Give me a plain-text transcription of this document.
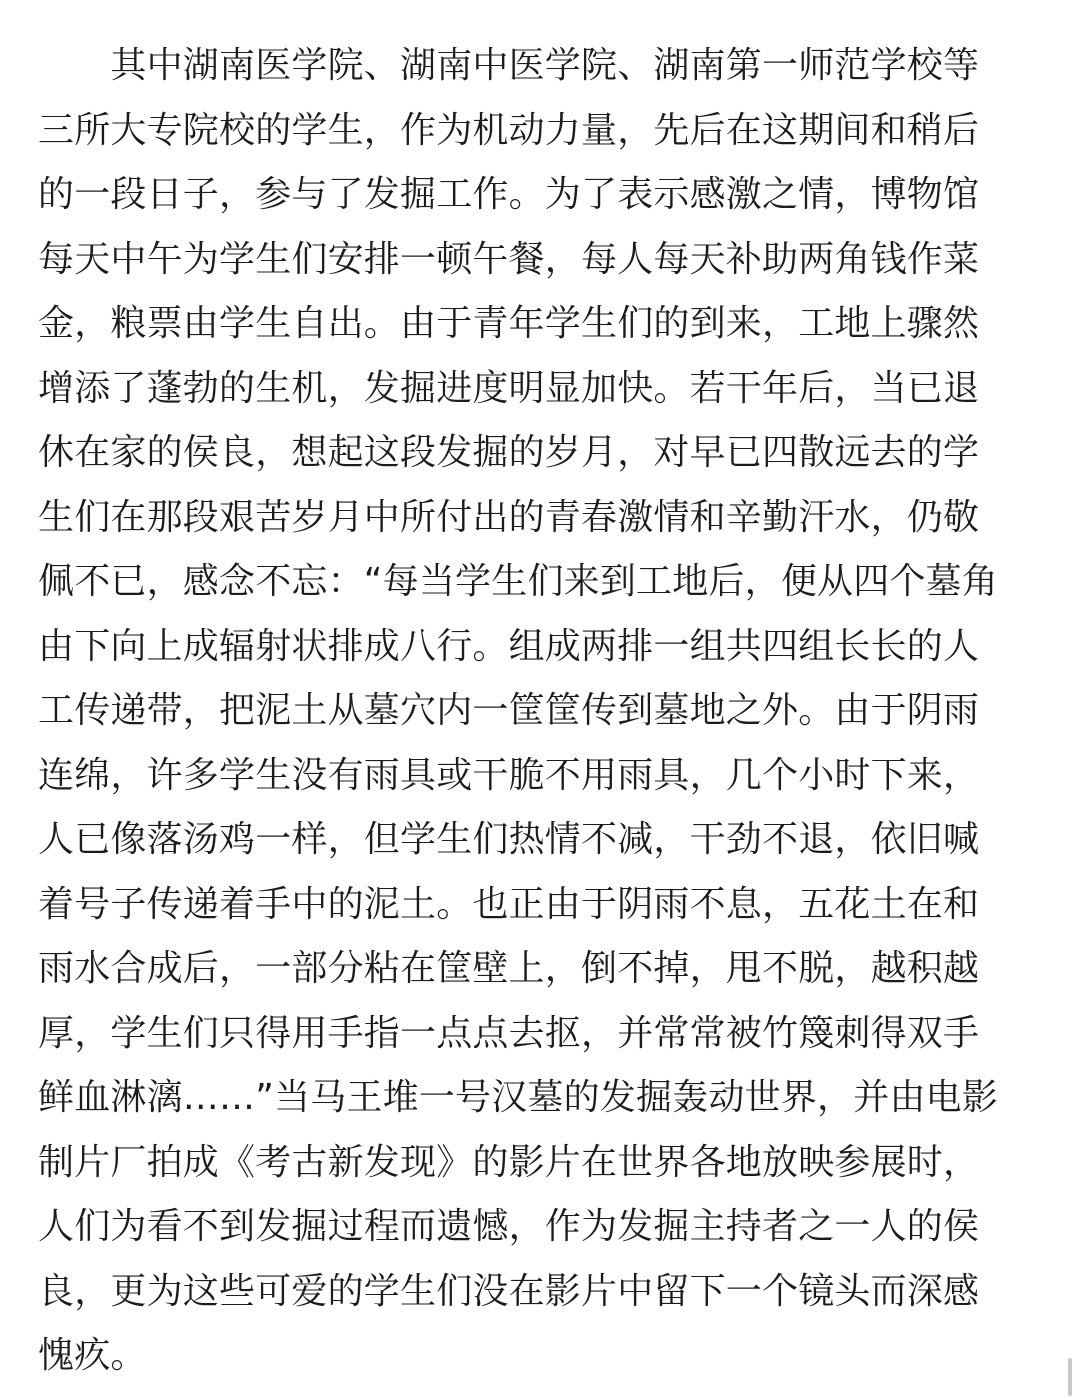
　　其中湖南医学院、湖南中医学院、湖南第一师范学校等
三所大专院校的学生，作为机动力量，先后在这期间和稍后
的一段日子，参与了发掘工作。为了表示感激之情，博物馆
每天中午为学生们安排一顿午餐，每人每天补助两角钱作菜
金，粮票由学生自出。由于青年学生们的到来，工地上骤然
增添了蓬勃的生机，发掘进度明显加快。若干年后，当已退
休在家的侯良，想起这段发掘的岁月，对早已四散远去的学
生们在那段艰苦岁月中所付出的青春激情和辛勤汗水，仍敬
佩不已，感念不忘：“每当学生们来到工地后，便从四个墓角
由下向上成辐射状排成八行。组成两排一组共四组长长的人
工传递带，把泥土从墓穴内一筐筐传到墓地之外。由于阴雨
连绵，许多学生没有雨具或干脆不用雨具，几个小时下来，
人已像落汤鸡一样，但学生们热情不减，干劲不退，依旧喊
着号子传递着手中的泥土。也正由于阴雨不息，五花土在和
雨水合成后，一部分粘在筐壁上，倒不掉，甩不脱，越积越
厚，学生们只得用手指一点点去抠，并常常被竹篾刺得双手
鲜血淋漓……”当马王堆一号汉墓的发掘轰动世界，并由电影
制片厂拍成《考古新发现》的影片在世界各地放映参展时，
人们为看不到发掘过程而遗憾，作为发掘主持者之一人的侯
良，更为这些可爱的学生们没在影片中留下一个镜头而深感
愧疚。
